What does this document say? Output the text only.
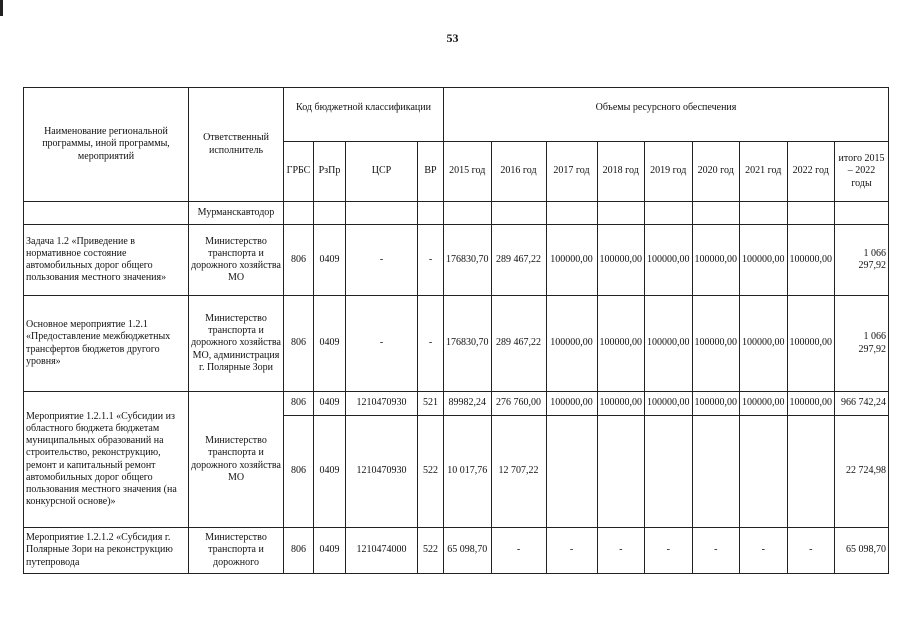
53
Наименование региональной программы, иной программы, мероприятий	Ответственный исполнитель	Код бюджетной классификации				Объемы ресурсного обеспечения								
		ГРБС	РзПр	ЦСР	ВР	2015 год	2016 год	2017 год	2018 год	2019 год	2020 год	2021 год	2022 год	итого 2015 – 2022 годы
	Мурманскавтодор													
Задача 1.2 «Приведение в нормативное состояние автомобильных дорог общего пользования местного значения»	Министерство транспорта и дорожного хозяйства МО	806	0409	-	-	176830,70	289 467,22	100000,00	100000,00	100000,00	100000,00	100000,00	100000,00	1 066 297,92
Основное мероприятие 1.2.1 «Предоставление межбюджетных трансфертов бюджетов другого уровня»	Министерство транспорта и дорожного хозяйства МО, администрация г. Полярные Зори	806	0409	-	-	176830,70	289 467,22	100000,00	100000,00	100000,00	100000,00	100000,00	100000,00	1 066 297,92
Мероприятие 1.2.1.1 «Субсидии из областного бюджета бюджетам муниципальных образований на строительство, реконструкцию, ремонт и капитальный ремонт автомобильных дорог общего пользования местного значения (на конкурсной основе)»	Министерство транспорта и дорожного хозяйства МО	806	0409	1210470930	521	89982,24	276 760,00	100000,00	100000,00	100000,00	100000,00	100000,00	100000,00	966 742,24
		806	0409	1210470930	522	10 017,76	12 707,22							22 724,98
Мероприятие 1.2.1.2 «Субсидия г. Полярные Зори на реконструкцию путепровода	Министерство транспорта и дорожного	806	0409	1210474000	522	65 098,70	-	-	-	-	-	-	-	65 098,70
